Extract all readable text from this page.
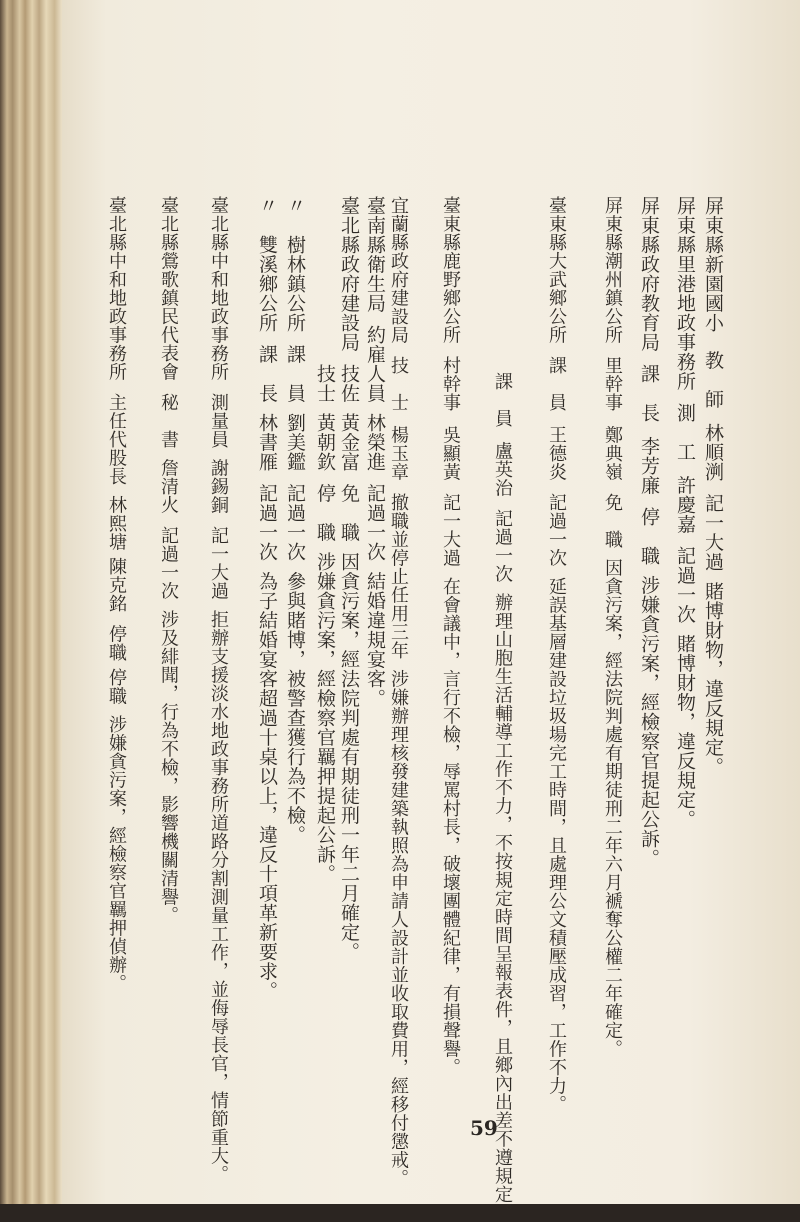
屏東縣新園國小教　師林順㴊記一大過賭博財物，違反規定。
屏東縣里港地政事務所測　工許慶嘉記過一次賭博財物，違反規定。
屏東縣政府教育局課　長李芳廉停　職涉嫌貪污案，經檢察官提起公訴。
屏東縣潮州鎮公所里幹事鄭典嶺免　職因貪污案，經法院判處有期徒刑二年六月褫奪公權二年確定。
臺東縣大武鄉公所課　員王德炎記過一次延誤基層建設垃圾場完工時間，且處理公文積壓成習，工作不力。
課　員盧英治記過一次辦理山胞生活輔導工作不力，不按規定時間呈報表件，且鄉內出差不遵規定。
臺東縣鹿野鄉公所村幹事吳顯黃記一大過在會議中，言行不檢，辱罵村長，破壞團體紀律，有損聲譽。
宜蘭縣政府建設局技　士楊玉章撤職並停止任用三年涉嫌辦理核發建築執照為申請人設計並收取費用，經移付懲戒。
臺南縣衛生局約雇人員林榮進記過一次結婚違規宴客。
臺北縣政府建設局技佐黃金富免　職因貪污案，經法院判處有期徒刑一年二月確定。
技士黃朝欽停　職涉嫌貪污案，經檢察官羈押提起公訴。
〃　樹林鎮公所課　員劉美鑑記過一次參與賭博，被警查獲行為不檢。
〃　雙溪鄉公所課　長林書雁記過一次為子結婚宴客超過十桌以上，違反十項革新要求。
臺北縣中和地政事務所測量員謝錫銅記一大過拒辦支援淡水地政事務所道路分割測量工作，並侮辱長官，情節重大。
臺北縣鶯歌鎮民代表會秘　書詹清火記過一次涉及緋聞，行為不檢，影響機關清譽。
臺北縣中和地政事務所主任代股長林熙塘 陳克銘停職 停職涉嫌貪污案，經檢察官羈押偵辦。
59
